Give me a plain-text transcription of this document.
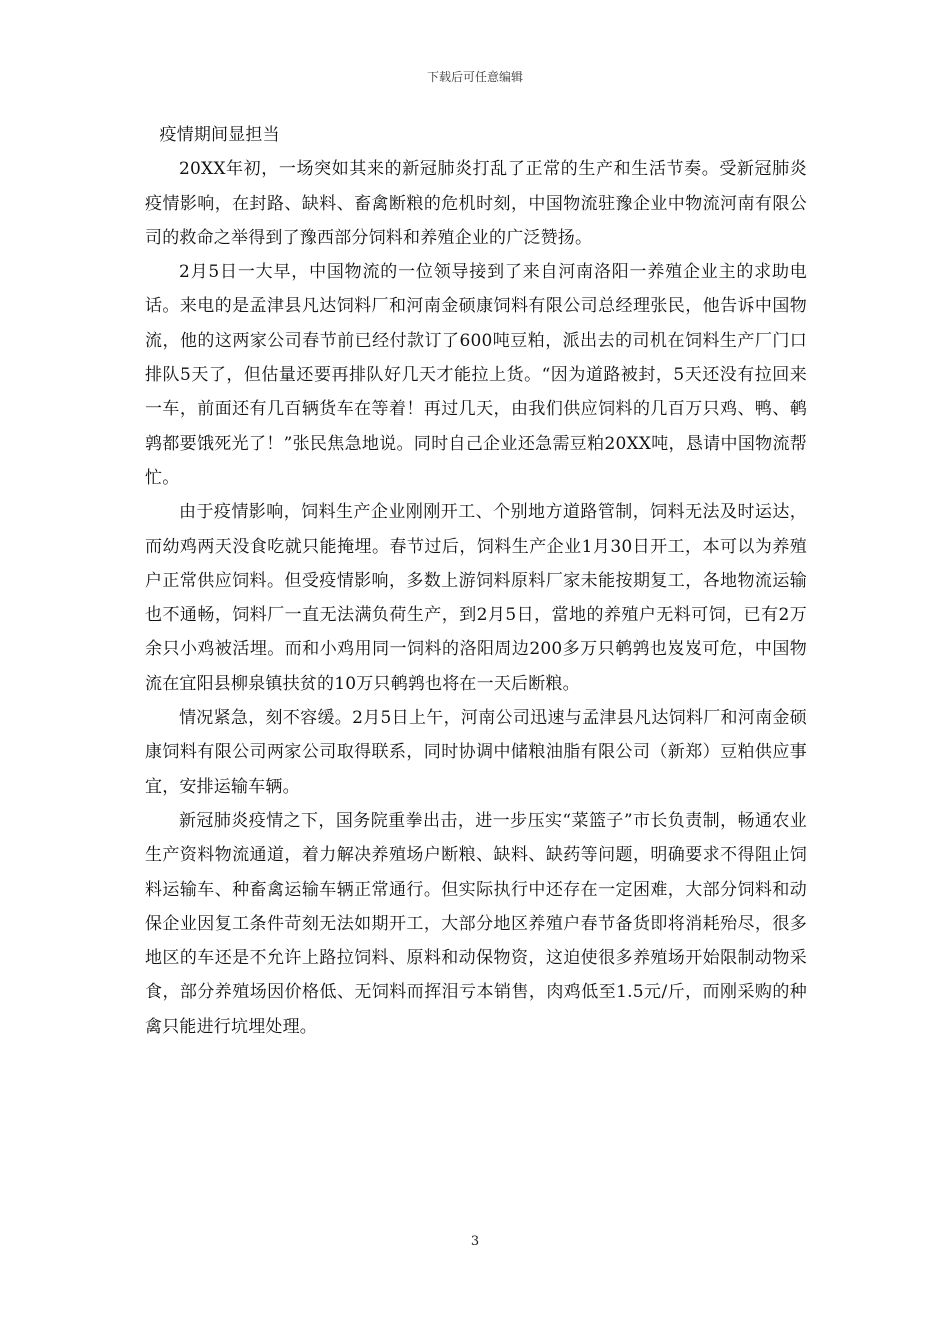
下载后可任意编辑

疫情期间显担当

20XX年初，一场突如其来的新冠肺炎打乱了正常的生产和生活节奏。受新冠肺炎疫情影响，在封路、缺料、畜禽断粮的危机时刻，中国物流驻豫企业中物流河南有限公司的救命之举得到了豫西部分饲料和养殖企业的广泛赞扬。

2月5日一大早，中国物流的一位领导接到了来自河南洛阳一养殖企业主的求助电话。来电的是孟津县凡达饲料厂和河南金硕康饲料有限公司总经理张民，他告诉中国物流，他的这两家公司春节前已经付款订了600吨豆粕，派出去的司机在饲料生产厂门口排队5天了，但估量还要再排队好几天才能拉上货。“因为道路被封，5天还没有拉回来一车，前面还有几百辆货车在等着！再过几天，由我们供应饲料的几百万只鸡、鸭、鹌鹑都要饿死光了！”张民焦急地说。同时自己企业还急需豆粕20XX吨，恳请中国物流帮忙。

由于疫情影响，饲料生产企业刚刚开工、个别地方道路管制，饲料无法及时运达，而幼鸡两天没食吃就只能掩埋。春节过后，饲料生产企业1月30日开工，本可以为养殖户正常供应饲料。但受疫情影响，多数上游饲料原料厂家未能按期复工，各地物流运输也不通畅，饲料厂一直无法满负荷生产，到2月5日，當地的养殖户无料可饲，已有2万余只小鸡被活埋。而和小鸡用同一饲料的洛阳周边200多万只鹌鹑也岌岌可危，中国物流在宜阳县柳泉镇扶贫的10万只鹌鹑也将在一天后断粮。

情况紧急，刻不容缓。2月5日上午，河南公司迅速与孟津县凡达饲料厂和河南金硕康饲料有限公司两家公司取得联系，同时协调中储粮油脂有限公司（新郑）豆粕供应事宜，安排运输车辆。

新冠肺炎疫情之下，国务院重拳出击，进一步压实“菜篮子”市长负责制，畅通农业生产资料物流通道，着力解决养殖场户断粮、缺料、缺药等问题，明确要求不得阻止饲料运输车、种畜禽运输车辆正常通行。但实际执行中还存在一定困难，大部分饲料和动保企业因复工条件苛刻无法如期开工，大部分地区养殖户春节备货即将消耗殆尽，很多地区的车还是不允许上路拉饲料、原料和动保物资，这迫使很多养殖场开始限制动物采食，部分养殖场因价格低、无饲料而挥泪亏本销售，肉鸡低至1.5元/斤，而刚采购的种禽只能进行坑埋处理。

3
